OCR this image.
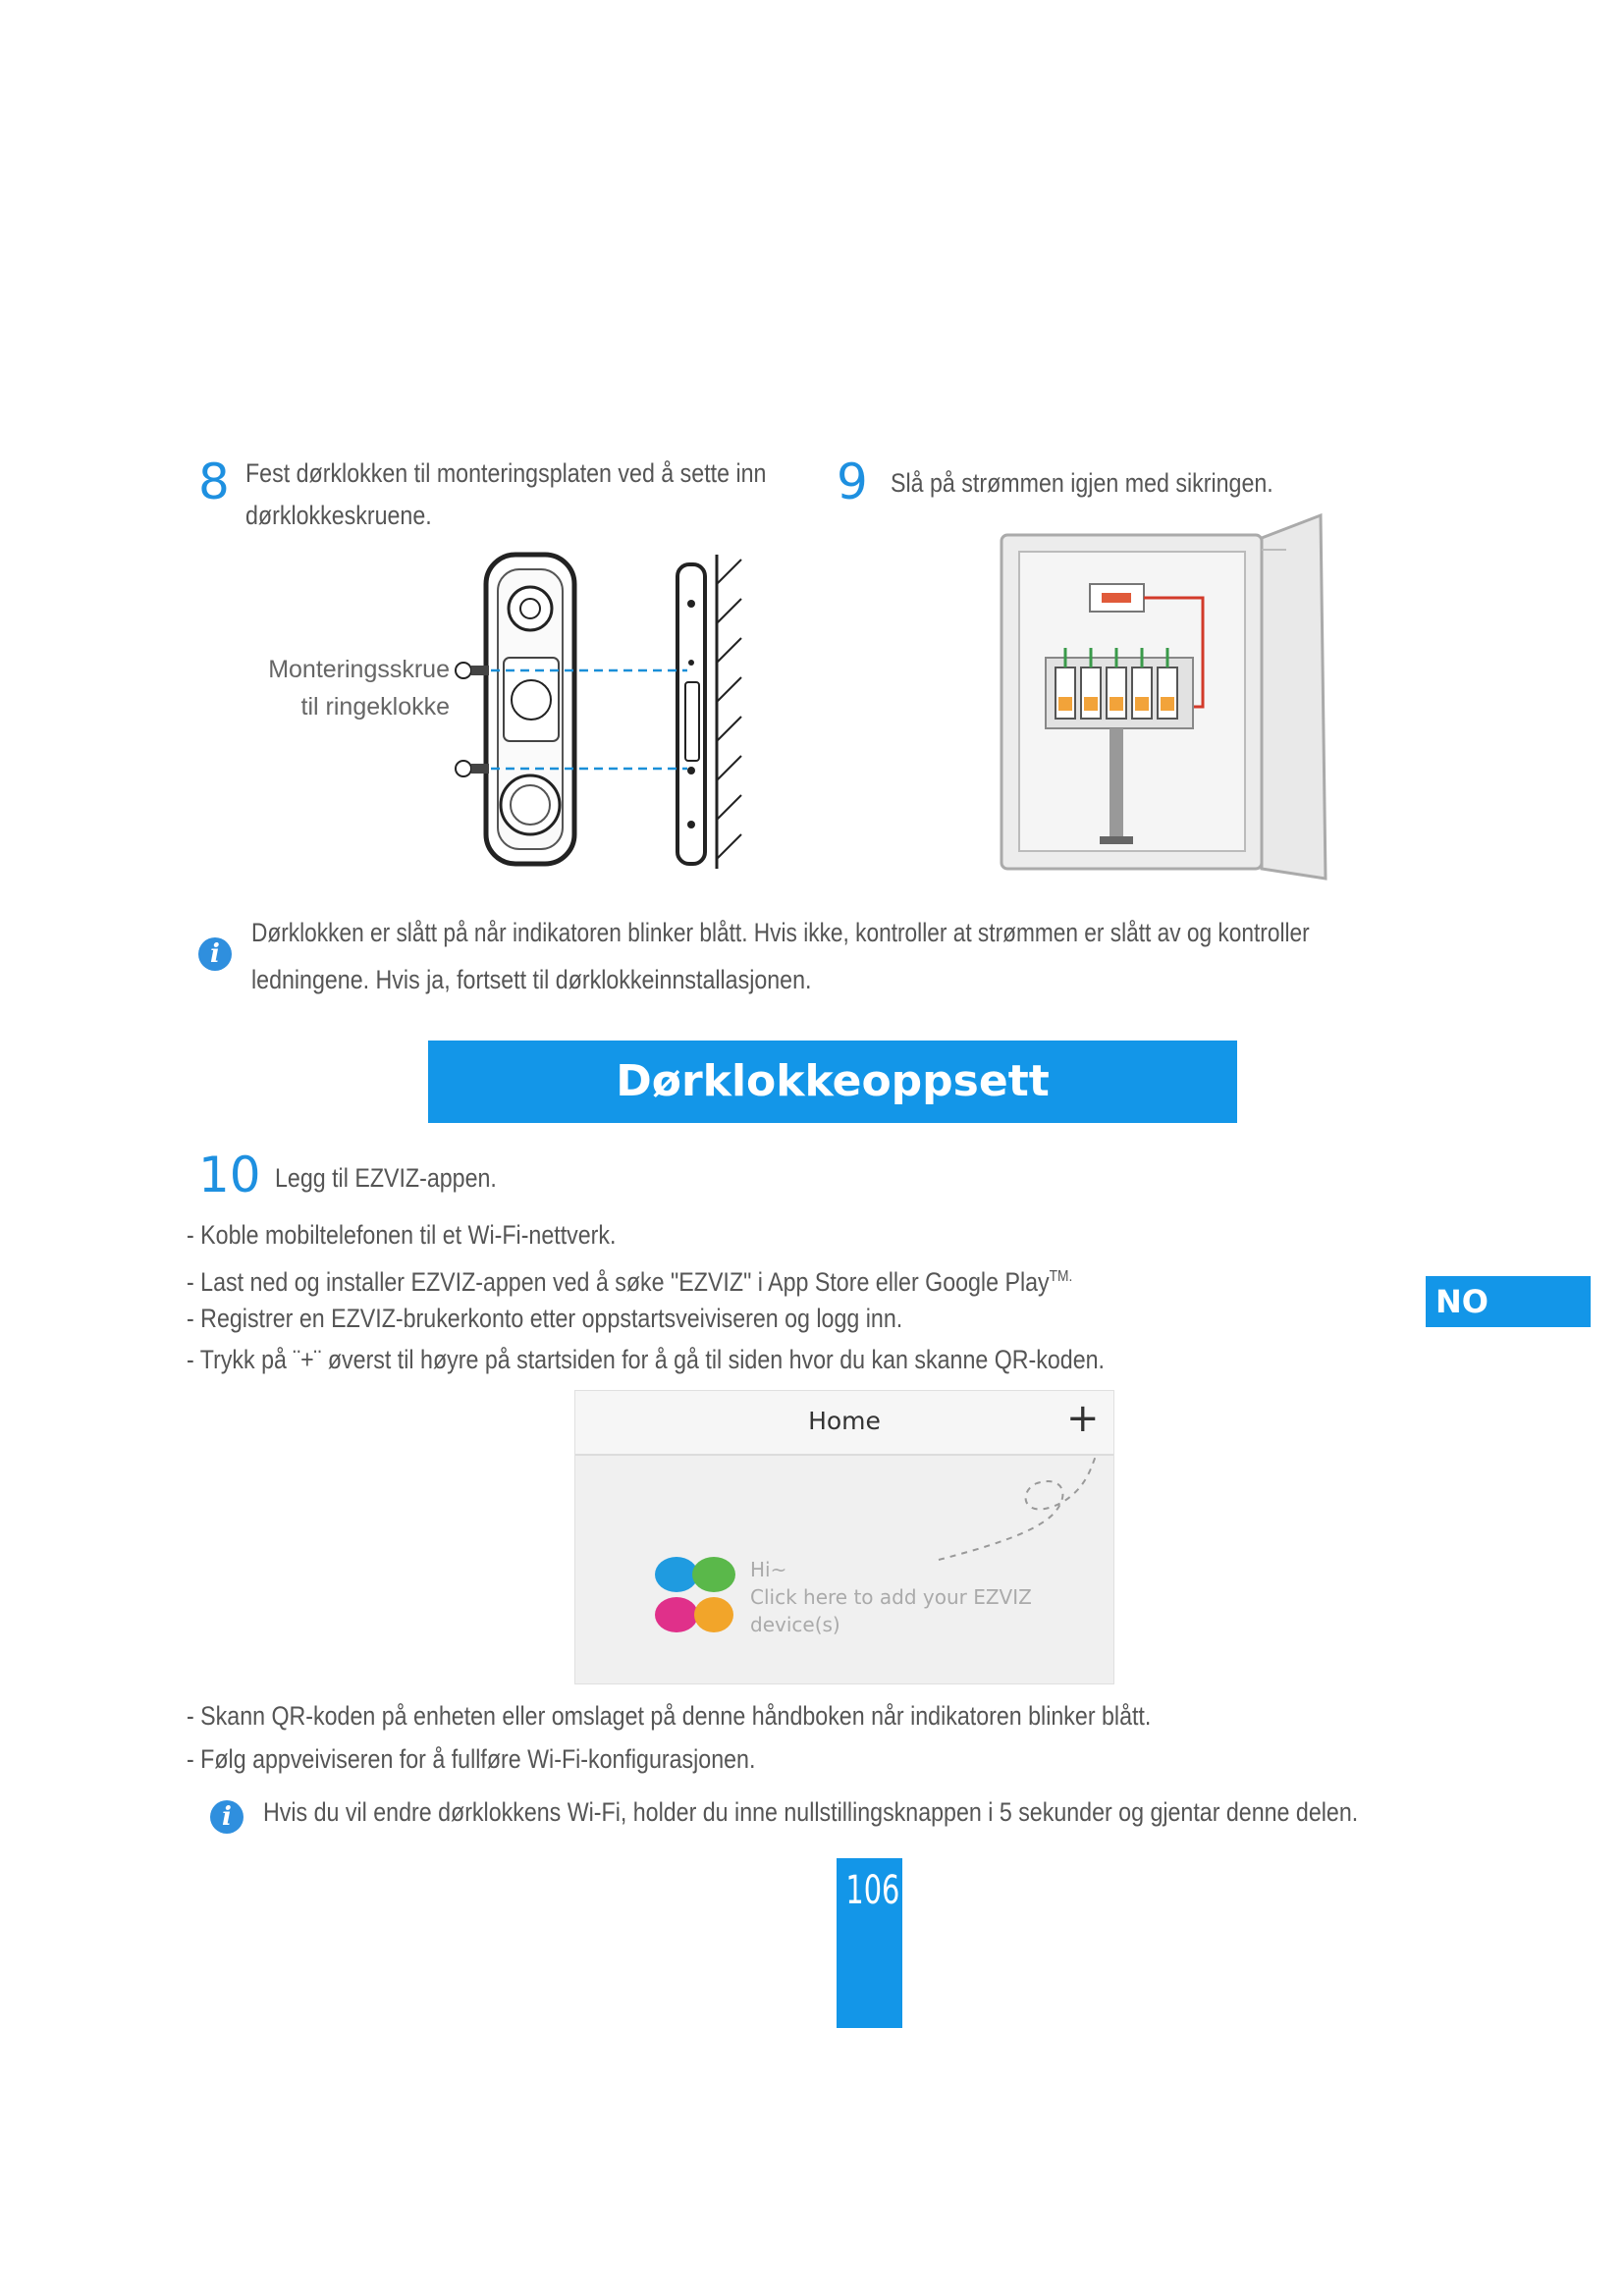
8 Fest dørklokken til monteringsplaten ved å sette inn
dørklokkeskruene.
9 Slå på strømmen igjen med sikringen.
Monteringsskrue
til ringeklokke
i
Dørklokken er slått på når indikatoren blinker blått. Hvis ikke, kontroller at strømmen er slått av og kontroller
ledningene. Hvis ja, fortsett til dørklokkeinnstallasjonen.
Dørklokkeoppsett
10 Legg til EZVIZ-appen.
- Koble mobiltelefonen til et Wi-Fi-nettverk.
- Last ned og installer EZVIZ-appen ved å søke "EZVIZ" i App Store eller Google Play$^{TM.}$
- Registrer en EZVIZ-brukerkonto etter oppstartsveiviseren og logg inn.
- Trykk på ¨+¨ øverst til høyre på startsiden for å gå til siden hvor du kan skanne QR-koden.
NO
Home	+
Hi~
Click here to add your EZVIZ
device(s)
- Skann QR-koden på enheten eller omslaget på denne håndboken når indikatoren blinker blått.
- Følg appveiviseren for å fullføre Wi-Fi-konfigurasjonen.
i	Hvis du vil endre dørklokkens Wi-Fi, holder du inne nullstillingsknappen i 5 sekunder og gjentar denne delen.
106
